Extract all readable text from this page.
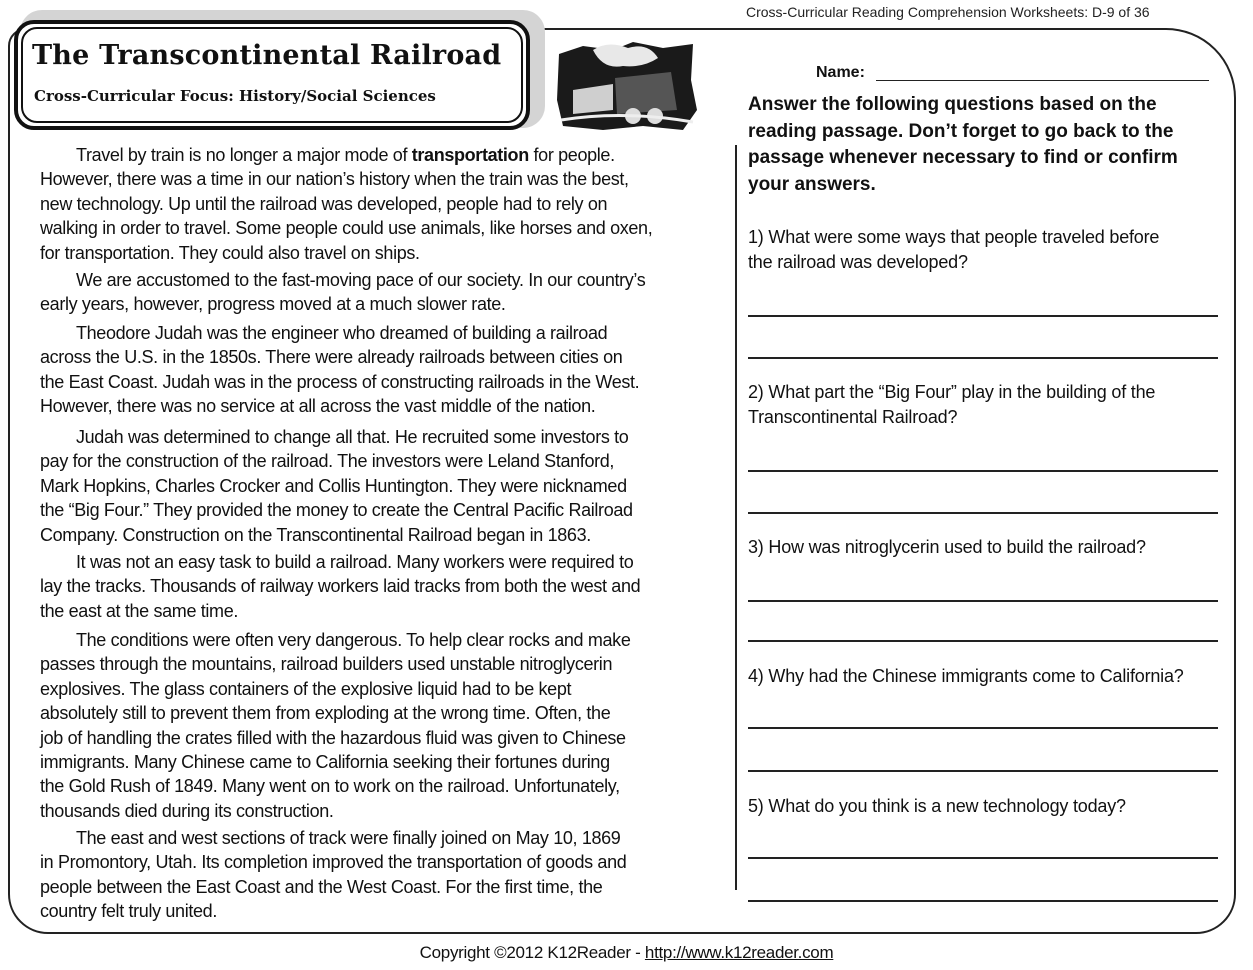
Cross-Curricular Reading Comprehension Worksheets: D-9 of 36
The Transcontinental Railroad
Cross-Curricular Focus: History/Social Sciences

Travel by train is no longer a major mode of transportation for people.
However, there was a time in our nation’s history when the train was the best,
new technology. Up until the railroad was developed, people had to rely on
walking in order to travel. Some people could use animals, like horses and oxen,
for transportation. They could also travel on ships.

We are accustomed to the fast-moving pace of our society. In our country’s
early years, however, progress moved at a much slower rate.

Theodore Judah was the engineer who dreamed of building a railroad
across the U.S. in the 1850s. There were already railroads between cities on
the East Coast. Judah was in the process of constructing railroads in the West.
However, there was no service at all across the vast middle of the nation.

Judah was determined to change all that. He recruited some investors to
pay for the construction of the railroad. The investors were Leland Stanford,
Mark Hopkins, Charles Crocker and Collis Huntington. They were nicknamed
the “Big Four.” They provided the money to create the Central Pacific Railroad
Company. Construction on the Transcontinental Railroad began in 1863.

It was not an easy task to build a railroad. Many workers were required to
lay the tracks. Thousands of railway workers laid tracks from both the west and
the east at the same time.

The conditions were often very dangerous. To help clear rocks and make
passes through the mountains, railroad builders used unstable nitroglycerin
explosives. The glass containers of the explosive liquid had to be kept
absolutely still to prevent them from exploding at the wrong time. Often, the
job of handling the crates filled with the hazardous fluid was given to Chinese
immigrants. Many Chinese came to California seeking their fortunes during
the Gold Rush of 1849. Many went on to work on the railroad. Unfortunately,
thousands died during its construction.

The east and west sections of track were finally joined on May 10, 1869
in Promontory, Utah. Its completion improved the transportation of goods and
people between the East Coast and the West Coast. For the first time, the
country felt truly united.

Name:
Answer the following questions based on the
reading passage. Don’t forget to go back to the
passage whenever necessary to find or confirm
your answers.
1) What were some ways that people traveled before
the railroad was developed?
2) What part the “Big Four” play in the building of the
Transcontinental Railroad?
3) How was nitroglycerin used to build the railroad?
4) Why had the Chinese immigrants come to California?
5) What do you think is a new technology today?
Copyright ©2012 K12Reader - http://www.k12reader.com
